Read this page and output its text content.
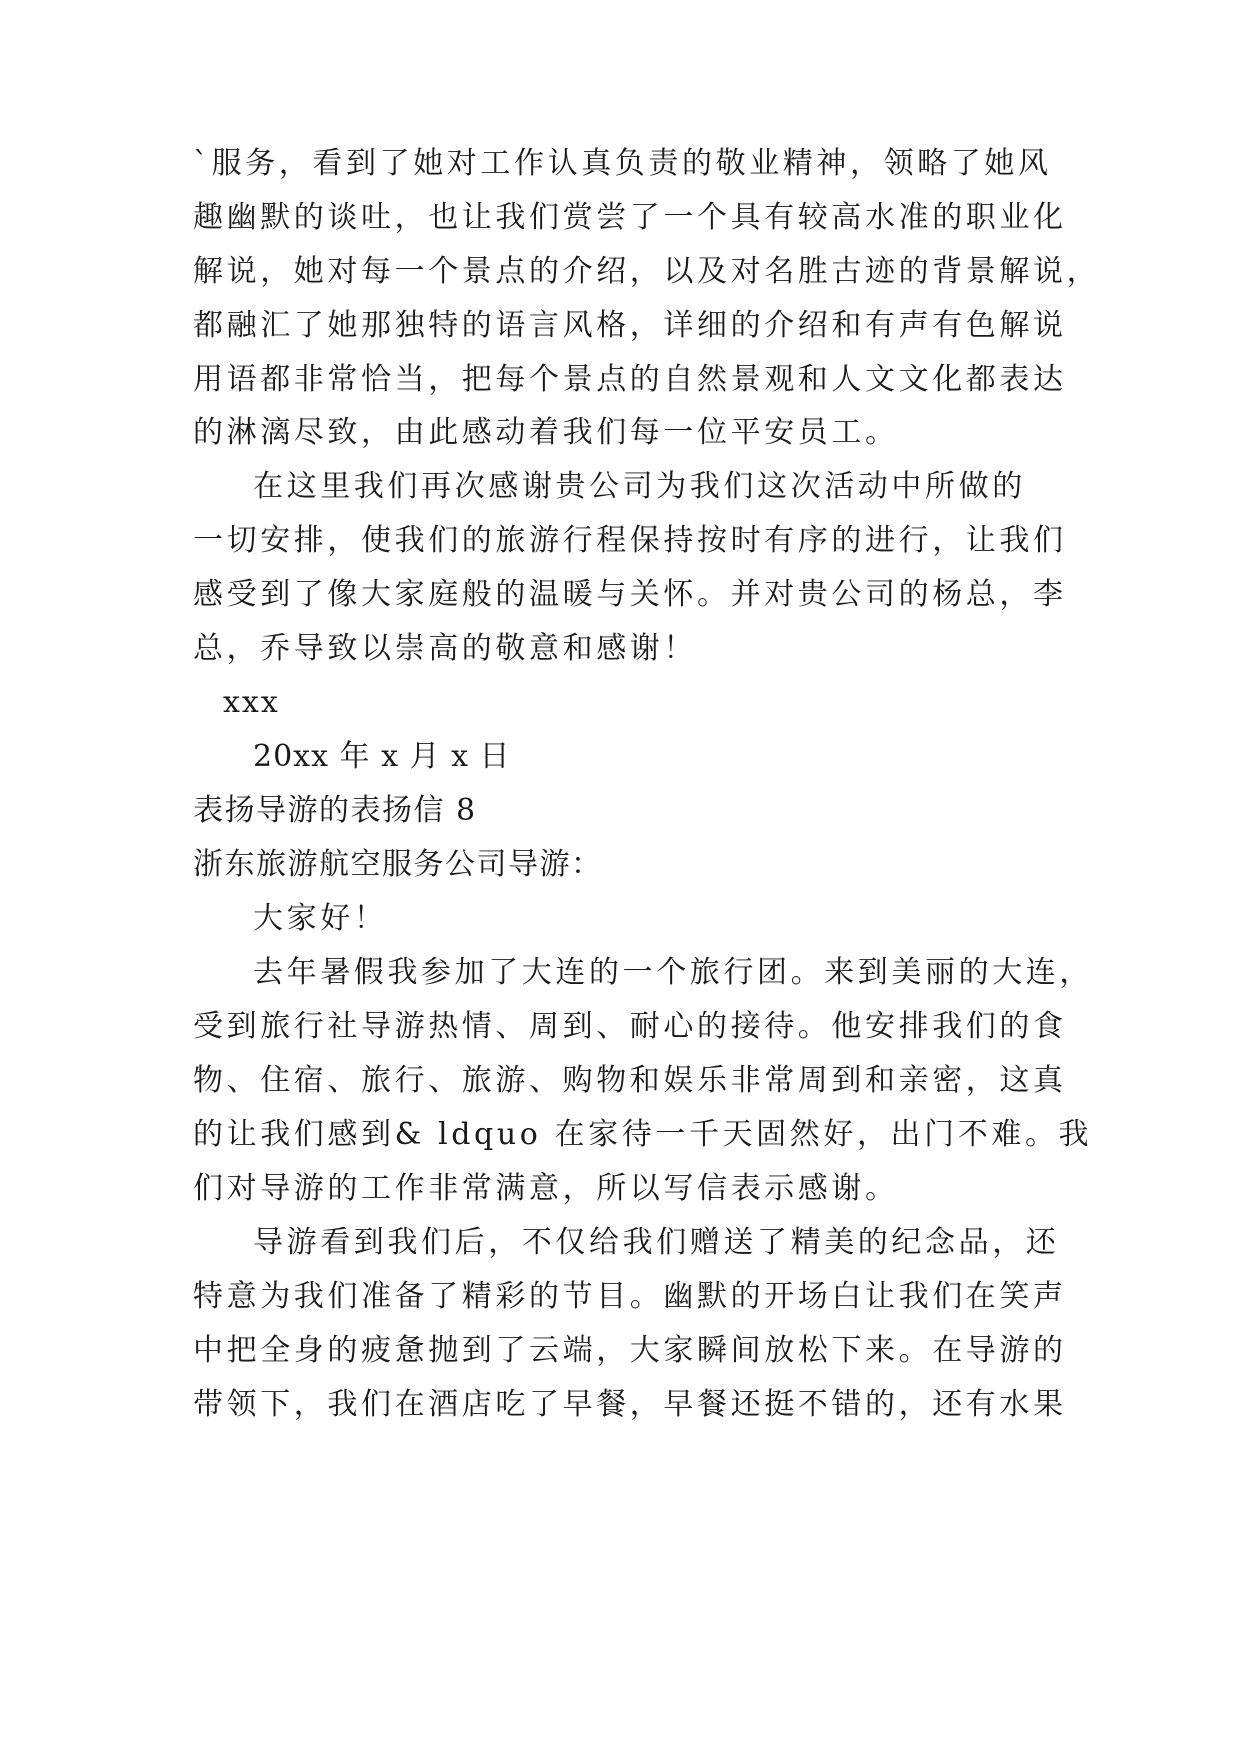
`服务，看到了她对工作认真负责的敬业精神，领略了她风
趣幽默的谈吐，也让我们赏尝了一个具有较高水准的职业化
解说，她对每一个景点的介绍，以及对名胜古迹的背景解说，
都融汇了她那独特的语言风格，详细的介绍和有声有色解说
用语都非常恰当，把每个景点的自然景观和人文文化都表达
的淋漓尽致，由此感动着我们每一位平安员工。
在这里我们再次感谢贵公司为我们这次活动中所做的
一切安排，使我们的旅游行程保持按时有序的进行，让我们
感受到了像大家庭般的温暖与关怀。并对贵公司的杨总，李
总，乔导致以崇高的敬意和感谢！
xxx
20xx 年 x 月 x 日
表扬导游的表扬信 8
浙东旅游航空服务公司导游：
大家好！
去年暑假我参加了大连的一个旅行团。来到美丽的大连，
受到旅行社导游热情、周到、耐心的接待。他安排我们的食
物、住宿、旅行、旅游、购物和娱乐非常周到和亲密，这真
的让我们感到& ldquo 在家待一千天固然好，出门不难。我
们对导游的工作非常满意，所以写信表示感谢。
导游看到我们后，不仅给我们赠送了精美的纪念品，还
特意为我们准备了精彩的节目。幽默的开场白让我们在笑声
中把全身的疲惫抛到了云端，大家瞬间放松下来。在导游的
带领下，我们在酒店吃了早餐，早餐还挺不错的，还有水果
